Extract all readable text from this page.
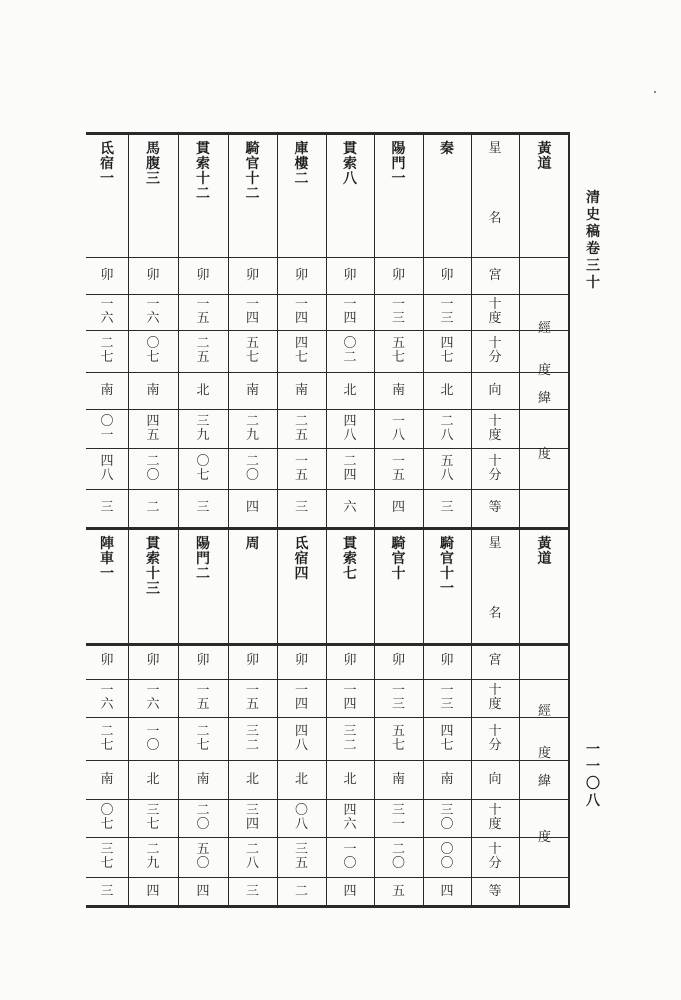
黃
道
經

度

緯

度
黃
道
經

度

緯

度
星

名
宮
十
度
十
分
向
十
度
十
分
等
星

名
宮
十
度
十
分
向
十
度
十
分
等
氐
宿
一
卯
一
六
二
七
南
〇
一
四
八
三
馬
腹
三
卯
一
六
〇
七
南
四
五
二
〇
二
貫
索
十
二
卯
一
五
二
五
北
三
九
〇
七
三
騎
官
十
二
卯
一
四
五
七
南
二
九
二
〇
四
庫
樓
二
卯
一
四
四
七
南
二
五
一
五
三
貫
索
八
卯
一
四
〇
二
北
四
八
二
四
六
陽
門
一
卯
一
三
五
七
南
一
八
一
五
四
秦
卯
一
三
四
七
北
二
八
五
八
三
陣
車
一
卯
一
六
二
七
南
〇
七
三
七
三
貫
索
十
三
卯
一
六
一
〇
北
三
七
二
九
四
陽
門
二
卯
一
五
二
七
南
二
〇
五
〇
四
周
卯
一
五
三
二
北
三
四
二
八
三
氐
宿
四
卯
一
四
四
八
北
〇
八
三
五
二
貫
索
七
卯
一
四
三
二
北
四
六
一
〇
四
騎
官
十
卯
一
三
五
七
南
三
一
二
〇
五
騎
官
十
一
卯
一
三
四
七
南
三
〇
〇
〇
四
清
史
稿
卷
三
十
一
一
〇
八
